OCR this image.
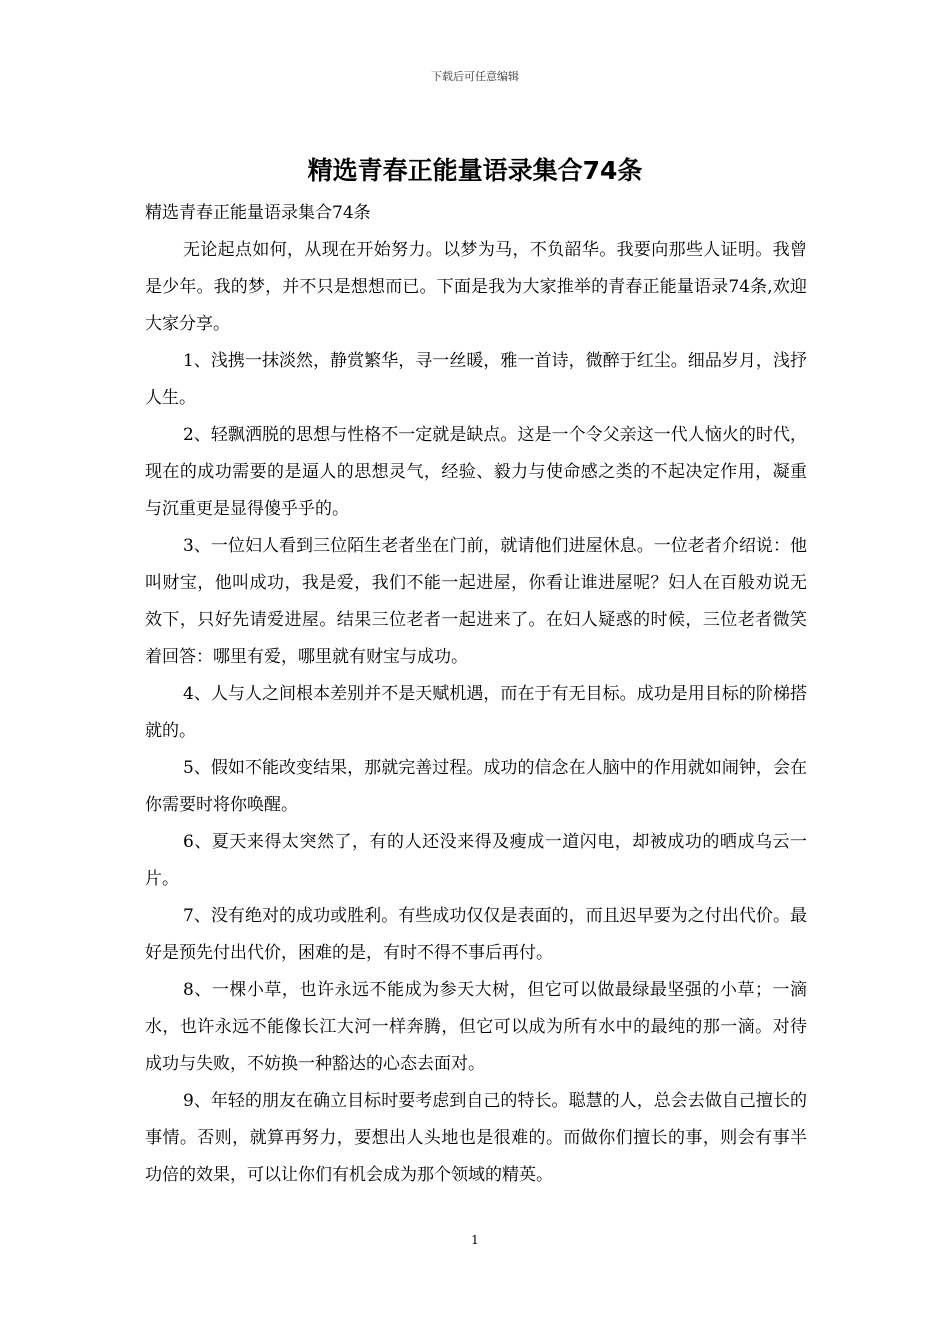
下载后可任意编辑
精选青春正能量语录集合74条

精选青春正能量语录集合74条

无论起点如何，从现在开始努力。以梦为马，不负韶华。我要向那些人证明。我曾是少年。我的梦，并不只是想想而已。下面是我为大家推举的青春正能量语录74条,欢迎大家分享。

1、浅携一抹淡然，静赏繁华，寻一丝暖，雅一首诗，微醉于红尘。细品岁月，浅抒人生。

2、轻飘洒脱的思想与性格不一定就是缺点。这是一个令父亲这一代人恼火的时代，现在的成功需要的是逼人的思想灵气，经验、毅力与使命感之类的不起决定作用，凝重与沉重更是显得傻乎乎的。

3、一位妇人看到三位陌生老者坐在门前，就请他们进屋休息。一位老者介绍说：他叫财宝，他叫成功，我是爱，我们不能一起进屋，你看让谁进屋呢？妇人在百般劝说无效下，只好先请爱进屋。结果三位老者一起进来了。在妇人疑惑的时候，三位老者微笑着回答：哪里有爱，哪里就有财宝与成功。

4、人与人之间根本差别并不是天赋机遇，而在于有无目标。成功是用目标的阶梯搭就的。

5、假如不能改变结果，那就完善过程。成功的信念在人脑中的作用就如闹钟，会在你需要时将你唤醒。

6、夏天来得太突然了，有的人还没来得及瘦成一道闪电，却被成功的晒成乌云一片。

7、没有绝对的成功或胜利。有些成功仅仅是表面的，而且迟早要为之付出代价。最好是预先付出代价，困难的是，有时不得不事后再付。

8、一棵小草，也许永远不能成为参天大树，但它可以做最绿最坚强的小草；一滴水，也许永远不能像长江大河一样奔腾，但它可以成为所有水中的最纯的那一滴。对待成功与失败，不妨换一种豁达的心态去面对。

9、年轻的朋友在确立目标时要考虑到自己的特长。聪慧的人，总会去做自己擅长的事情。否则，就算再努力，要想出人头地也是很难的。而做你们擅长的事，则会有事半功倍的效果，可以让你们有机会成为那个领域的精英。

1
